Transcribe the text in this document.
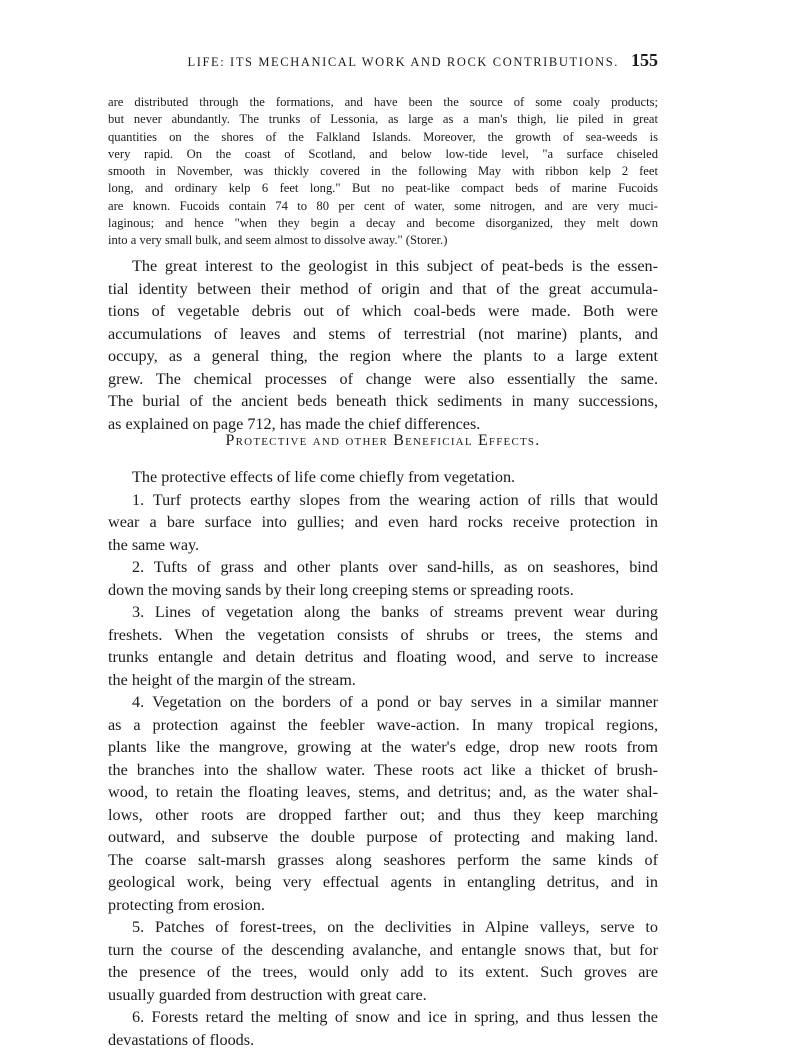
LIFE: ITS MECHANICAL WORK AND ROCK CONTRIBUTIONS. 155
are distributed through the formations, and have been the source of some coaly products;
but never abundantly. The trunks of Lessonia, as large as a man's thigh, lie piled in great
quantities on the shores of the Falkland Islands. Moreover, the growth of sea-weeds is
very rapid. On the coast of Scotland, and below low-tide level, "a surface chiseled
smooth in November, was thickly covered in the following May with ribbon kelp 2 feet
long, and ordinary kelp 6 feet long." But no peat-like compact beds of marine Fucoids
are known. Fucoids contain 74 to 80 per cent of water, some nitrogen, and are very muci-
laginous; and hence "when they begin a decay and become disorganized, they melt down
into a very small bulk, and seem almost to dissolve away." (Storer.)
The great interest to the geologist in this subject of peat-beds is the essen-
tial identity between their method of origin and that of the great accumula-
tions of vegetable debris out of which coal-beds were made. Both were
accumulations of leaves and stems of terrestrial (not marine) plants, and
occupy, as a general thing, the region where the plants to a large extent
grew. The chemical processes of change were also essentially the same.
The burial of the ancient beds beneath thick sediments in many successions,
as explained on page 712, has made the chief differences.
Protective and other Beneficial Effects.
The protective effects of life come chiefly from vegetation.
1. Turf protects earthy slopes from the wearing action of rills that would
wear a bare surface into gullies; and even hard rocks receive protection in
the same way.
2. Tufts of grass and other plants over sand-hills, as on seashores, bind
down the moving sands by their long creeping stems or spreading roots.
3. Lines of vegetation along the banks of streams prevent wear during
freshets. When the vegetation consists of shrubs or trees, the stems and
trunks entangle and detain detritus and floating wood, and serve to increase
the height of the margin of the stream.
4. Vegetation on the borders of a pond or bay serves in a similar manner
as a protection against the feebler wave-action. In many tropical regions,
plants like the mangrove, growing at the water's edge, drop new roots from
the branches into the shallow water. These roots act like a thicket of brush-
wood, to retain the floating leaves, stems, and detritus; and, as the water shal-
lows, other roots are dropped farther out; and thus they keep marching
outward, and subserve the double purpose of protecting and making land.
The coarse salt-marsh grasses along seashores perform the same kinds of
geological work, being very effectual agents in entangling detritus, and in
protecting from erosion.
5. Patches of forest-trees, on the declivities in Alpine valleys, serve to
turn the course of the descending avalanche, and entangle snows that, but for
the presence of the trees, would only add to its extent. Such groves are
usually guarded from destruction with great care.
6. Forests retard the melting of snow and ice in spring, and thus lessen the
devastations of floods.
